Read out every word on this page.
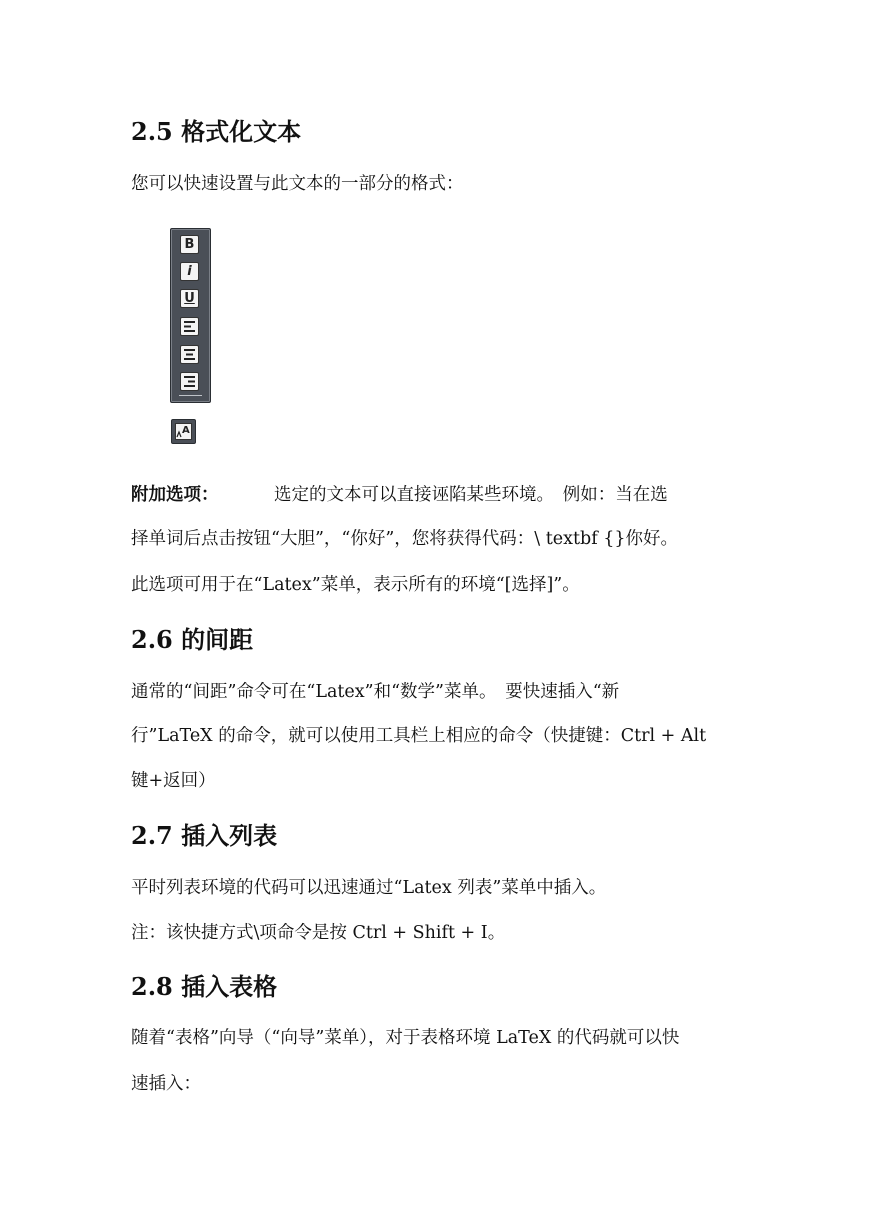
2.5 格式化文本
您可以快速设置与此文本的一部分的格式：
B
i
U
A
附加选项：	选定的文本可以直接诬陷某些环境。　例如：当在选
择单词后点击按钮“大胆”，“你好”，您将获得代码：\ textbf {}你好。
此选项可用于在“Latex”菜单，表示所有的环境“[选择]”。
2.6 的间距
通常的“间距”命令可在“Latex”和“数学”菜单。　要快速插入“新
行”LaTeX 的命令，就可以使用工具栏上相应的命令（快捷键：Ctrl + Alt
键+返回）
2.7 插入列表
平时列表环境的代码可以迅速通过“Latex 列表”菜单中插入。
注：该快捷方式\项命令是按 Ctrl + Shift + I。
2.8 插入表格
随着“表格”向导（“向导”菜单），对于表格环境 LaTeX 的代码就可以快
速插入：
